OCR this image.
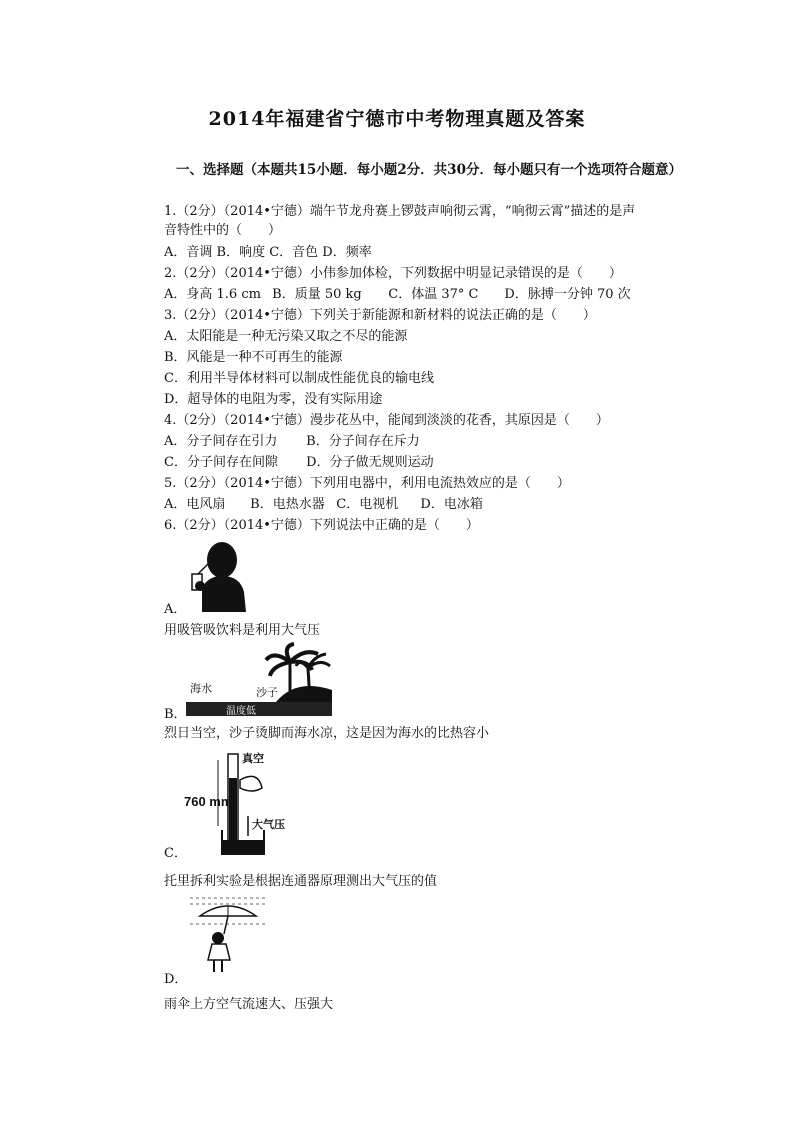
2014年福建省宁德市中考物理真题及答案
一、选择题（本题共15小题．每小题2分．共30分．每小题只有一个选项符合题意）
1.（2分）（2014•宁德）端午节龙舟赛上锣鼓声响彻云霄，“响彻云霄”描述的是声
音特性中的（　　）
A．音调 B．响度 C．音色 D．频率
2.（2分）（2014•宁德）小伟参加体检，下列数据中明显记录错误的是（　　）
A．身高 1.6 cm B．质量 50 kg C．体温 37° C D．脉搏一分钟 70 次
3.（2分）（2014•宁德）下列关于新能源和新材料的说法正确的是（　　）
A．太阳能是一种无污染又取之不尽的能源
B．风能是一种不可再生的能源
C．利用半导体材料可以制成性能优良的输电线
D．超导体的电阻为零，没有实际用途
4.（2分）（2014•宁德）漫步花丛中，能闻到淡淡的花香，其原因是（　　）
A．分子间存在引力 B．分子间存在斥力
C．分子间存在间隙 D．分子做无规则运动
5.（2分）（2014•宁德）下列用电器中，利用电流热效应的是（　　）
A．电风扇 B．电热水器 C．电视机 D．电冰箱
6.（2分）（2014•宁德）下列说法中正确的是（　　）
A．
用吸管吸饮料是利用大气压
海水	沙子
温度低
B．
烈日当空，沙子烫脚而海水凉，这是因为海水的比热容小
真空
760 mm
大气压
C．
托里拆利实验是根据连通器原理测出大气压的值
D．
雨伞上方空气流速大、压强大
